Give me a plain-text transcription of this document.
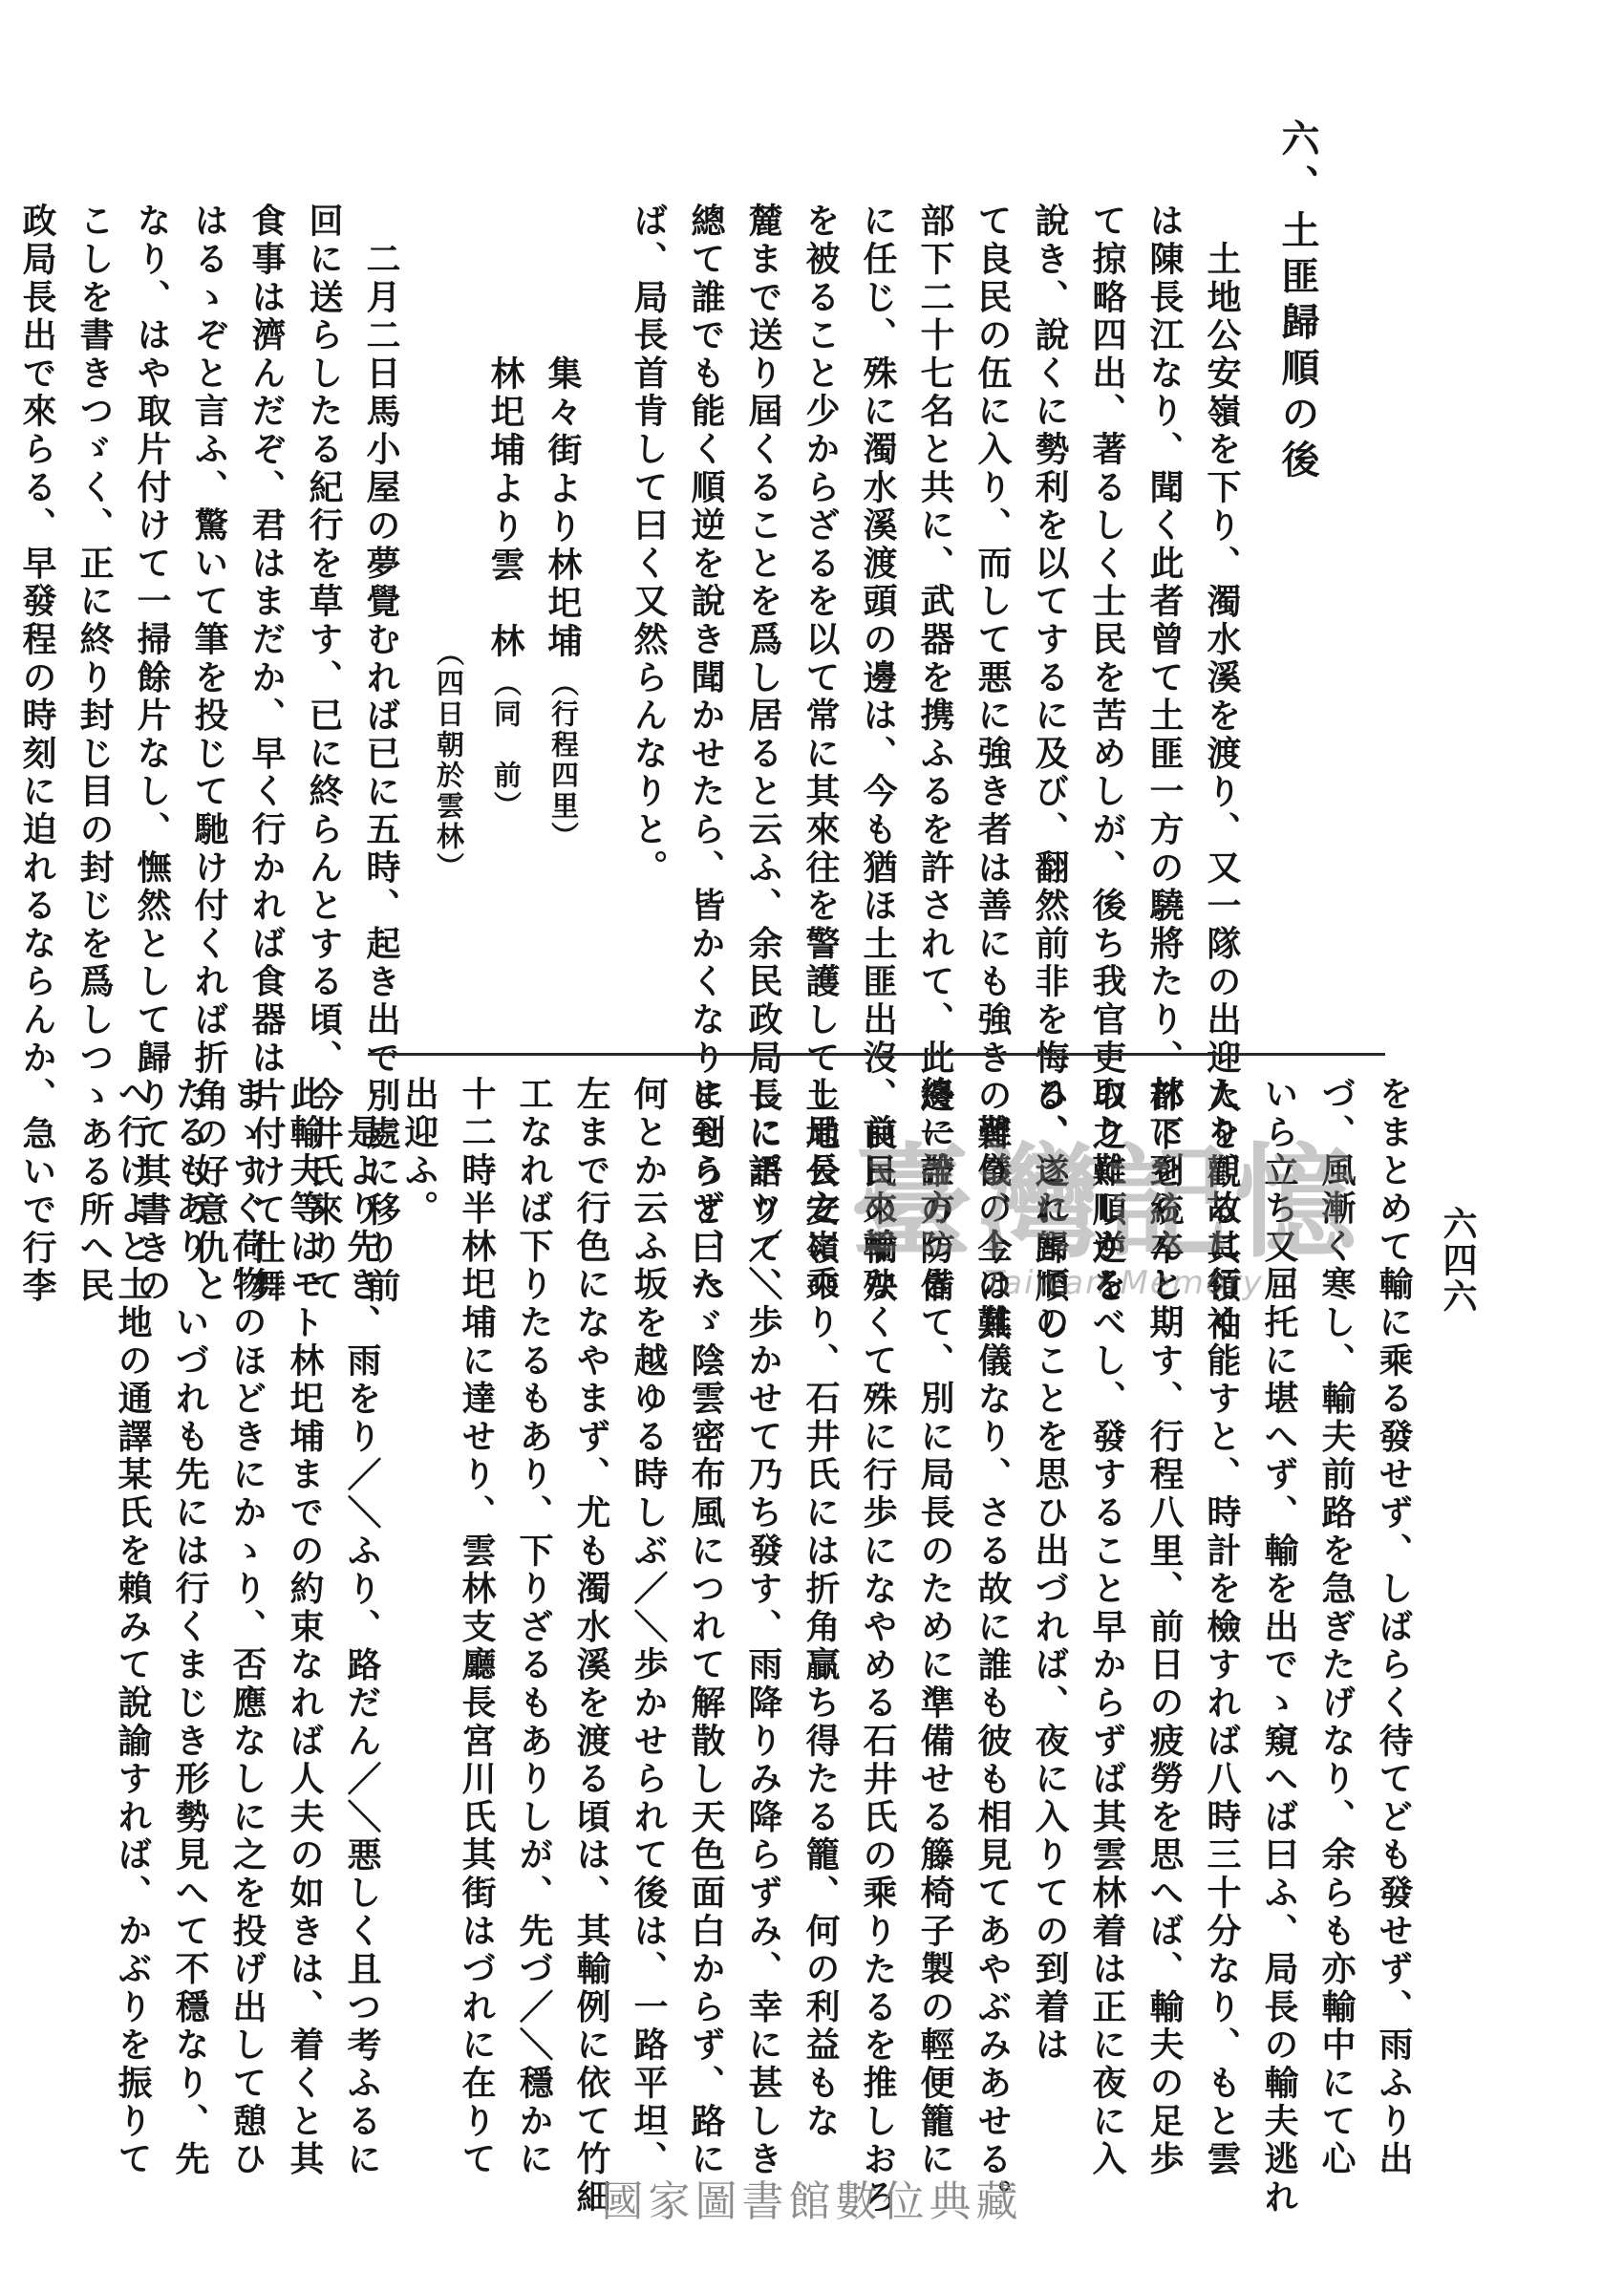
六四六
六、土匪歸順の後
土地公安嶺を下り、濁水溪を渡り、又一隊の出迎人を觀る其領袖
は陳長江なり、聞く此者曾て土匪一方の驍將たり、部下を統卒し
て掠略四出、著るしく士民を苦めしが、後ち我官吏の之に順逆を
說き、說くに勢利を以てするに及び、翻然前非を悔ひ、遂に歸順し
て良民の伍に入り、而して悪に強き者は善にも強きの習ひ、今は其
部下二十七名と共に、武器を携ふるを許されて、此邊一帶の防備
に任じ、殊に濁水溪渡頭の邊は、今も猶ほ土匪出沒、良民の禍殃
を被ること少からざるを以て常に其來往を警護して土地公安嶺の
麓まで送り屆くることを爲し居ると云ふ、余民政局長に語りて、
總て誰でも能く順逆を說き聞かせたら、皆かくなりませうと曰へ
ば、局長首肯して曰く又然らんなりと。
集々街より林圯埔
（行程四里）
林圯埔より雲　林
（同　前）
（四日朝於雲林）
二月二日馬小屋の夢覺むれば已に五時、起き出で別處に移り前
回に送らしたる紀行を草す、已に終らんとする頃、今井氏來りて
食事は濟んだぞ、君はまだか、早く行かれば食器は片付けて仕舞
はるゝぞと言ふ、驚いて筆を投じて馳け付くれば折角の好意仇と
なり、はや取片付けて一掃餘片なし、憮然として歸りて其書きの
こしを書きつゞく、正に終り封じ目の封じを爲しつゝある所へ民
政局長出で來らる、早發程の時刻に迫れるならんか、急いで行李
をまとめて輸に乘る發せず、しばらく待てども發せず、雨ふり出
づ、風漸く寒し、輸夫前路を急ぎたげなり、余らも亦輸中にて心
いら立ち又屈托に堪へず、輸を出でゝ窺へば曰ふ、局長の輸夫逃れ
たり、故に行く能すと、時計を檢すれば八時三十分なり、もと雲
林に到らんと期す、行程八里、前日の疲勞を思へば、輸夫の足歩
取り難しかるべし、發すること早からずば其雲林着は正に夜に入
る、これまでのことを思ひ出づれば、夜に入りての到着は
難儀の上の難儀なり、さる故に誰も彼も相見てあやぶみあせる。
終に詮方つきて、別に局長のために準備せる籐椅子製の輕便籠に
前日來輸なくて殊に行歩になやめる石井氏の乘りたるを推しおろ
し局長之に乘り、石井氏には折角贏ち得たる籠、何の利益もな
しにポツ／＼歩かせて乃ち發す、雨降りみ降らずみ、幸に甚しき
に到らず、たゞ陰雲密布風につれて解散し天色面白からず、路に
何とか云ふ坂を越ゆる時しぶ／＼歩かせられて後は、一路平坦、
左まで行色になやまず、尤も濁水溪を渡る頃は、其輸例に依て竹細
工なれば下りたるもあり、下りざるもありしが、先づ／＼穩かに
十二時半林圯埔に達せり、雲林支廳長宮川氏其街はづれに在りて
出迎ふ。
是より先き、雨をり／＼ふり、路だん／＼悪しく且つ考ふるに
此輸夫等はモト林圯埔までの約束なれば人夫の如きは、着くと其
まゝすぐ荷物のほどきにかゝり、否應なしに之を投げ出して憩ひ
たるもあり、いづれも先には行くまじき形勢見へて不穩なり、先
へ行けよと土地の通譯某氏を賴みて說諭すれば、かぶりを振りて	臺灣記憶
Taiwan Memory
國家圖書館數位典藏
